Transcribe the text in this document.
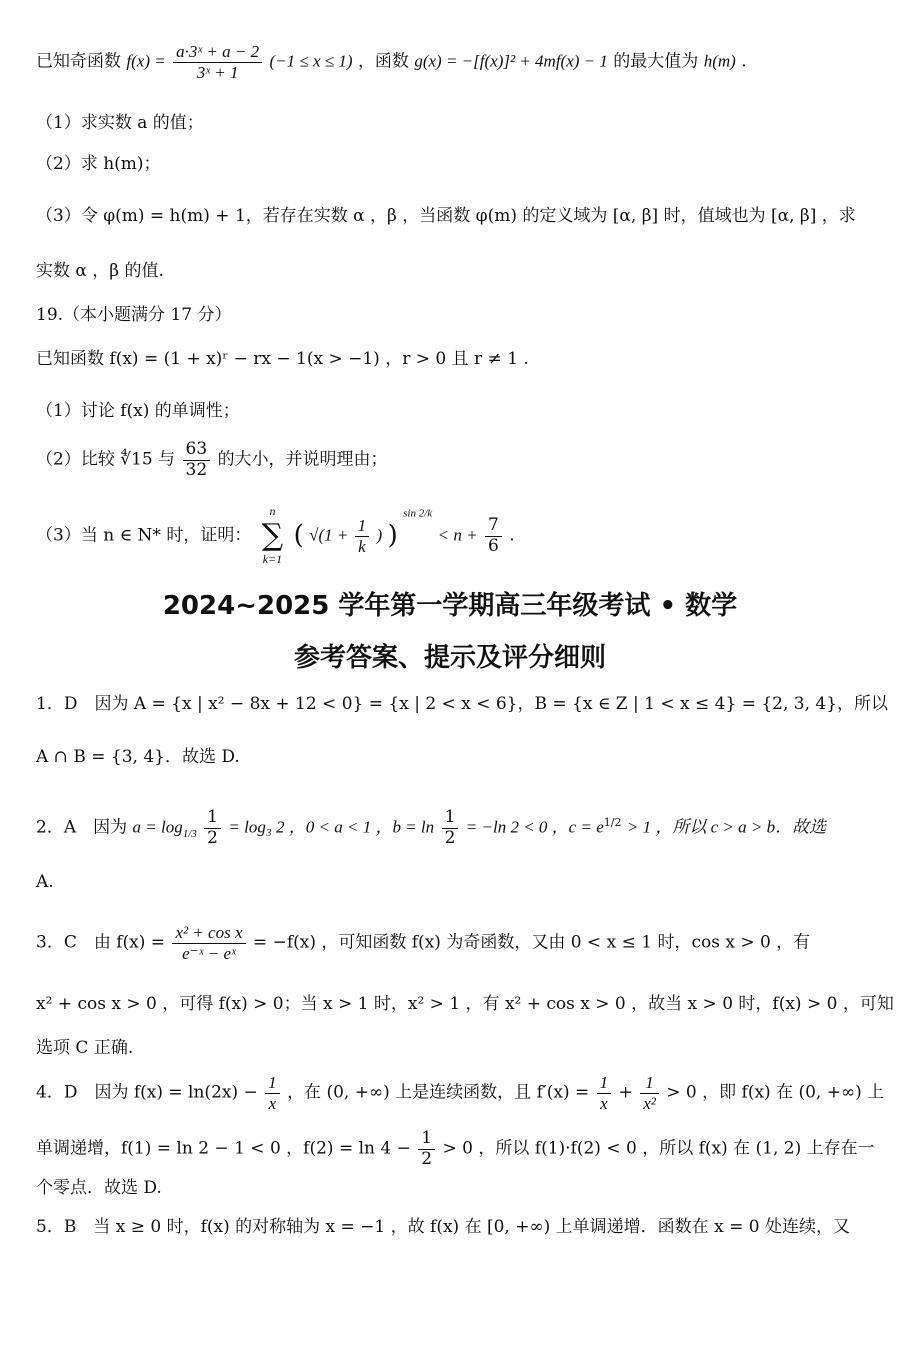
已知奇函数 $f(x) = \frac{\text{a·3ˣ + a − 2}}{\text{3ˣ + 1}} (-1 \le x \le 1)$ ，函数 g(x) = −[f(x)]² + 4mf(x) − 1 的最大值为 h(m) .
（1）求实数 a 的值；
（2）求 h(m)；
（3）令 φ(m) = h(m) + 1，若存在实数 α ，β ，当函数 φ(m) 的定义域为 [α, β] 时，值域也为 [α, β] ，求
实数 α ，β 的值.
19.（本小题满分 17 分）
已知函数 f(x) = (1 + x)ʳ − rx − 1(x > −1) ，r > 0 且 r ≠ 1 .
（1）讨论 f(x) 的单调性；
（2）比较 ∜15 与 $\frac{63}{32}$ 的大小，并说明理由；
（3）当 n ∈ N* 时，证明：
n
∑
k=1
( $√(1 + \frac{1}{k}$ ) ) $^{sin 2/k} < n + \frac{7}{6}$ .
2024~2025 学年第一学期高三年级考试 • 数学
参考答案、提示及评分细则
1．D　因为 A = {x | x² − 8x + 12 < 0} = {x | 2 < x < 6}，B = {x ∈ Z | 1 < x ≤ 4} = {2, 3, 4}，所以
A ∩ B = {3, 4}．故选 D.
2．A　因为 $a = \log_{1/3} \frac{1}{2} = \log_3$ 2 ，0 < a < 1 ，$b = \ln \frac{1}{2} = -\ln$ 2 < 0 ，$c = e^{1/2} > 1$ ，所以 c > a > b．故选
A.
3．C　由 $f(x) = \frac{\text{x² + cos x}}{\text{e⁻ˣ − eˣ}} = -f(x)$ ，可知函数 f(x) 为奇函数，又由 0 < x ≤ 1 时，cos x > 0 ，有
x² + cos x > 0 ，可得 f(x) > 0；当 x > 1 时，x² > 1 ，有 x² + cos x > 0 ，故当 x > 0 时，f(x) > 0 ，可知
选项 C 正确.
4．D　因为 $f(x) = \ln(2x) - \frac{1}{x}$ ，在 (0, +∞) 上是连续函数，且 $f'(x) = \frac{1}{x} + \frac{1}{\text{x²}} > 0$ ，即 f(x) 在 (0, +∞) 上
单调递增，f(1) = ln 2 − 1 < 0 ，$f(2) = \ln 4 - \frac{1}{2} > 0$ ，所以 f(1)·f(2) < 0 ，所以 f(x) 在 (1, 2) 上存在一
个零点．故选 D.
5．B　当 x ≥ 0 时，f(x) 的对称轴为 x = −1 ，故 f(x) 在 [0, +∞) 上单调递增．函数在 x = 0 处连续，又
